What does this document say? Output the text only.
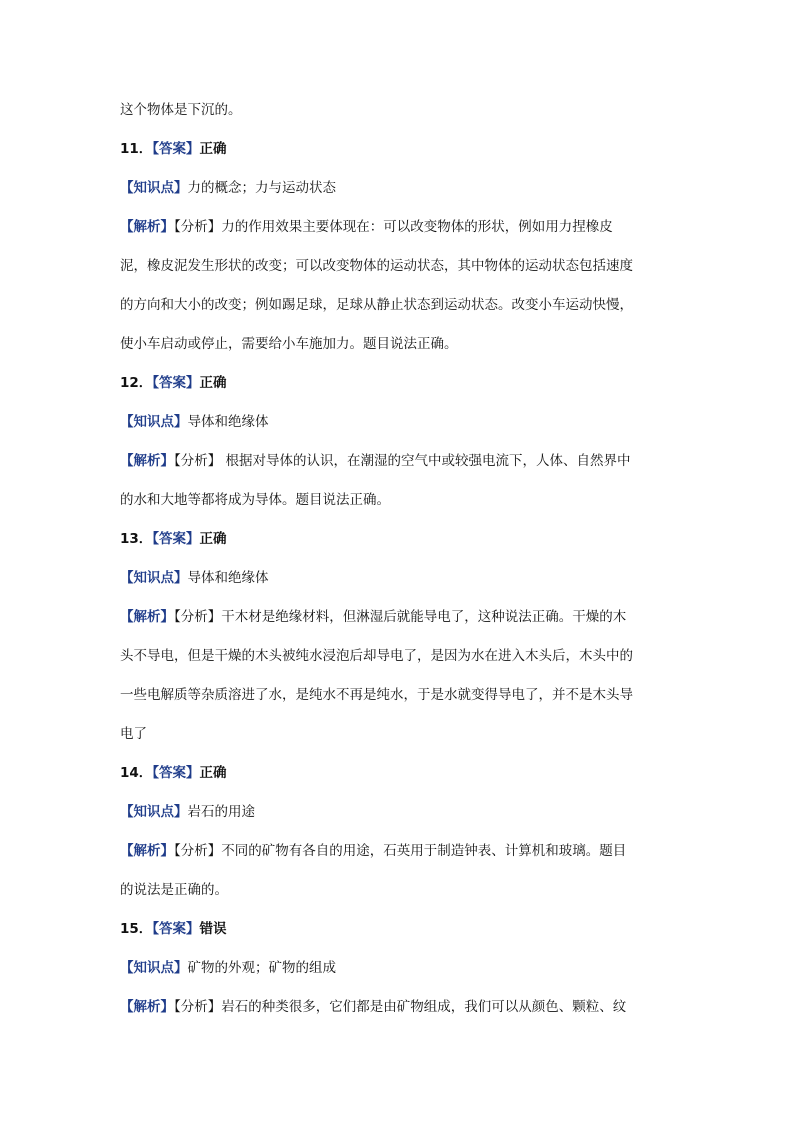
这个物体是下沉的。
11．【答案】正确
【知识点】力的概念；力与运动状态
【解析】【分析】力的作用效果主要体现在：可以改变物体的形状，例如用力捏橡皮
泥，橡皮泥发生形状的改变；可以改变物体的运动状态，其中物体的运动状态包括速度
的方向和大小的改变；例如踢足球，足球从静止状态到运动状态。改变小车运动快慢，
使小车启动或停止，需要给小车施加力。题目说法正确。
12．【答案】正确
【知识点】导体和绝缘体
【解析】【分析】 根据对导体的认识，在潮湿的空气中或较强电流下，人体、自然界中
的水和大地等都将成为导体。题目说法正确。
13．【答案】正确
【知识点】导体和绝缘体
【解析】【分析】干木材是绝缘材料，但淋湿后就能导电了，这种说法正确。干燥的木
头不导电，但是干燥的木头被纯水浸泡后却导电了，是因为水在进入木头后，木头中的
一些电解质等杂质溶进了水，是纯水不再是纯水，于是水就变得导电了，并不是木头导
电了
14．【答案】正确
【知识点】岩石的用途
【解析】【分析】不同的矿物有各自的用途，石英用于制造钟表、计算机和玻璃。题目
的说法是正确的。
15．【答案】错误
【知识点】矿物的外观；矿物的组成
【解析】【分析】岩石的种类很多，它们都是由矿物组成，我们可以从颜色、颗粒、纹
